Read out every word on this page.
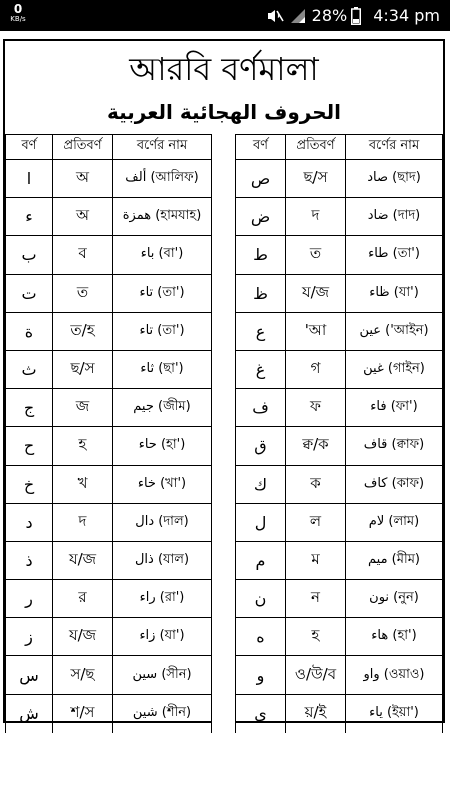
0
KB/s	28% 4:34 pm
আরবি বর্ণমালা
الحروف الهجائية العربية
বর্ণ	প্রতিবর্ণ	বর্ণের নাম
ا	অ	ألف (আলিফ)
ء	অ	همزة (হামযাহ)
ب	ব	باء (বা')
ت	ত	تاء (তা')
ة	ত/হ	تاء (তা')
ث	ছ/স	ثاء (ছা')
ج	জ	جيم (জীম)
ح	হ	حاء (হা')
خ	খ	خاء (খা')
د	দ	دال (দাল)
ذ	য/জ	ذال (যাল)
ر	র	راء (রা')
ز	য/জ	زاء (যা')
س	স/ছ	سين (সীন)
ش	শ/স	شين (শীন)
বর্ণ	প্রতিবর্ণ	বর্ণের নাম
ص	ছ/স	صاد (ছাদ)
ض	দ	ضاد (দাদ)
ط	ত	طاء (তা')
ظ	য/জ	ظاء (যা')
ع	'আ	عين ('আইন)
غ	গ	غين (গাইন)
ف	ফ	فاء (ফা')
ق	ক্ব/ক	قاف (ক্বাফ)
ك	ক	كاف (কাফ)
ل	ল	لام (লাম)
م	ম	ميم (মীম)
ن	ন	نون (নুন)
ه	হ	هاء (হা')
و	ও/উ/ব	واو (ওয়াও)
ي	য়/ই	ياء (ইয়া')
